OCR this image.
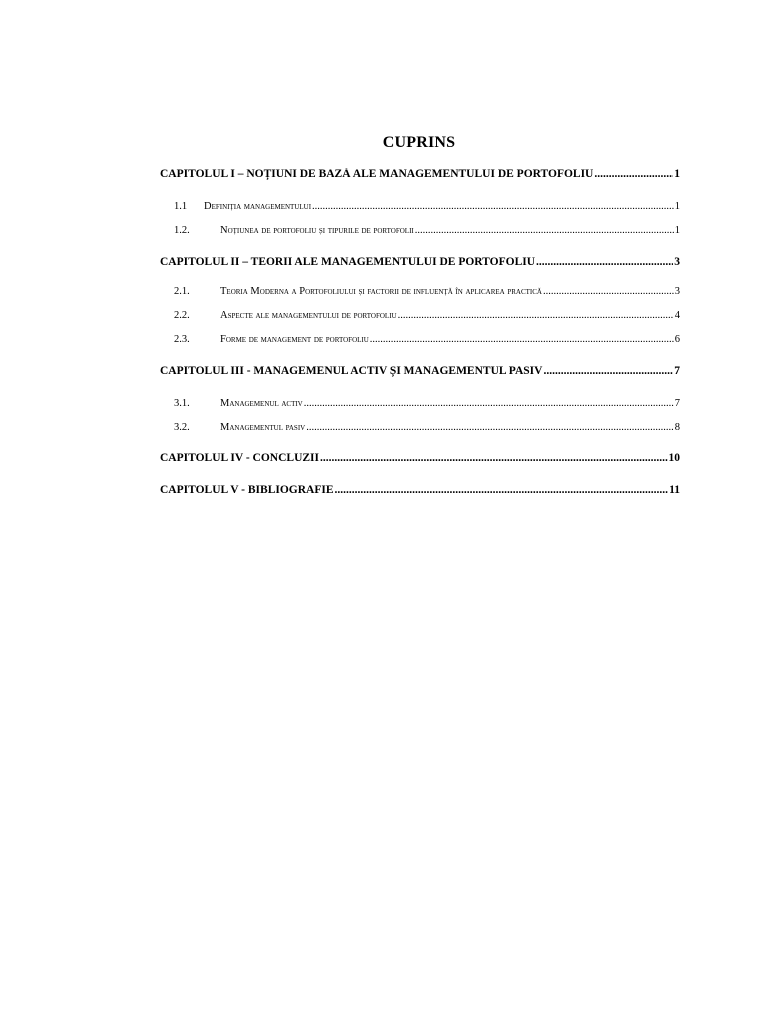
CUPRINS
CAPITOLUL I – NOȚIUNI DE BAZĂ ALE MANAGEMENTULUI DE PORTOFOLIU .....	1
1.1	Definiția managementului .....	1
1.2.	Noțiunea de portofoliu și tipurile de portofolii .....	1
CAPITOLUL II – TEORII ALE MANAGEMENTULUI DE PORTOFOLIU .....	3
2.1.	Teoria Moderna a Portofoliului și factorii de influență în aplicarea practică .....	3
2.2.	Aspecte ale managementului de portofoliu .....	4
2.3.	Forme de management de portofoliu .....	6
CAPITOLUL III - MANAGEMENUL ACTIV ȘI MANAGEMENTUL PASIV .....	7
3.1.	Managemenul activ .....	7
3.2.	Managementul pasiv .....	8
CAPITOLUL IV - CONCLUZII .....	10
CAPITOLUL V - BIBLIOGRAFIE .....	11
